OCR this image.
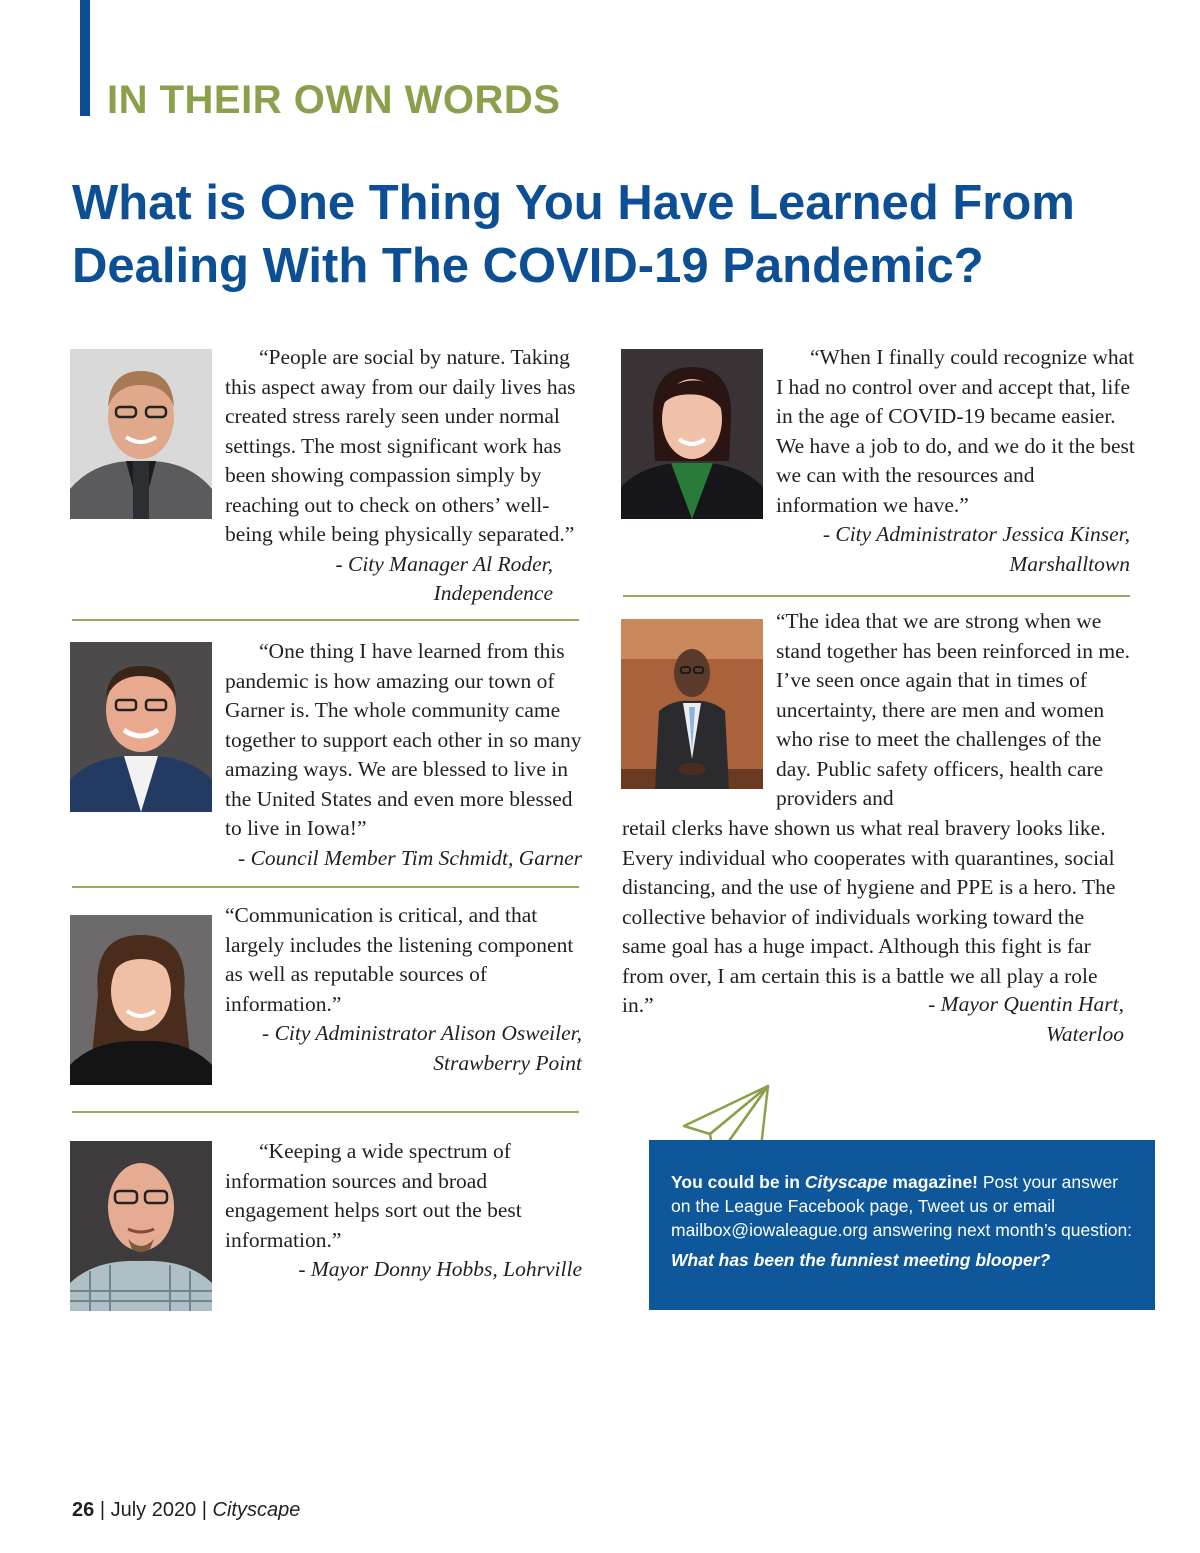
IN THEIR OWN WORDS
What is One Thing You Have Learned From Dealing With The COVID-19 Pandemic?

“People are social by nature. Taking this aspect away from our daily lives has created stress rarely seen under normal settings. The most significant work has been showing compassion simply by reaching out to check on others’ well-being while being physically separated.”

- City Manager Al Roder, Independence

“One thing I have learned from this pandemic is how amazing our town of Garner is. The whole community came together to support each other in so many amazing ways. We are blessed to live in the United States and even more blessed to live in Iowa!”

- Council Member Tim Schmidt, Garner

“Communication is critical, and that largely includes the listening component as well as reputable sources of information.”

- City Administrator Alison Osweiler,

Strawberry Point

“Keeping a wide spectrum of information sources and broad engagement helps sort out the best information.”

- Mayor Donny Hobbs, Lohrville

“When I finally could recognize what I had no control over and accept that, life in the age of COVID-19 became easier. We have a job to do, and we do it the best we can with the resources and information we have.”

- City Administrator Jessica Kinser,

Marshalltown

“The idea that we are strong when we stand together has been reinforced in me. I’ve seen once again that in times of uncertainty, there are men and women who rise to meet the challenges of the day. Public safety officers, health care providers and

retail clerks have shown us what real bravery looks like. Every individual who cooperates with quarantines, social distancing, and the use of hygiene and PPE is a hero. The collective behavior of individuals working toward the same goal has a huge impact. Although this fight is far from over, I am certain this is a battle we all play a role in.”	- Mayor Quentin Hart, Waterloo

You could be in Cityscape magazine! Post your answer on the League Facebook page, Tweet us or email mailbox@iowaleague.org answering next month’s question:
What has been the funniest meeting blooper?
26 | July 2020 | Cityscape
